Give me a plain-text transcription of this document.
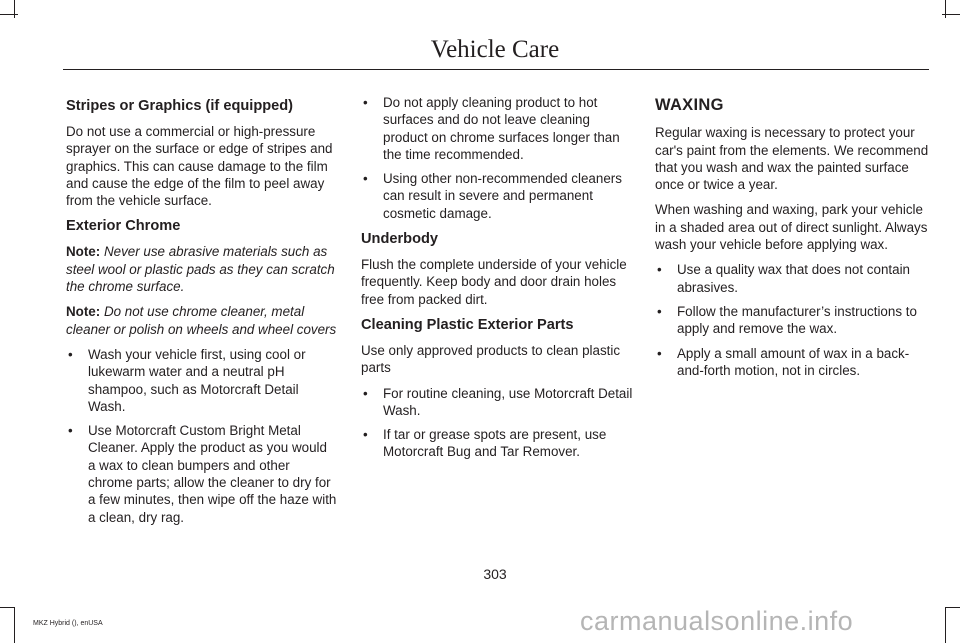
Vehicle Care
Stripes or Graphics (if equipped)

Do not use a commercial or high-pressure sprayer on the surface or edge of stripes and graphics. This can cause damage to the film and cause the edge of the film to peel away from the vehicle surface.

Exterior Chrome

Note: Never use abrasive materials such as steel wool or plastic pads as they can scratch the chrome surface.

Note: Do not use chrome cleaner, metal cleaner or polish on wheels and wheel covers

• Wash your vehicle first, using cool or lukewarm water and a neutral pH shampoo, such as Motorcraft Detail Wash.
• Use Motorcraft Custom Bright Metal Cleaner. Apply the product as you would a wax to clean bumpers and other chrome parts; allow the cleaner to dry for a few minutes, then wipe off the haze with a clean, dry rag.
• Do not apply cleaning product to hot surfaces and do not leave cleaning product on chrome surfaces longer than the time recommended.
• Using other non-recommended cleaners can result in severe and permanent cosmetic damage.
Underbody

Flush the complete underside of your vehicle frequently. Keep body and door drain holes free from packed dirt.

Cleaning Plastic Exterior Parts

Use only approved products to clean plastic parts

• For routine cleaning, use Motorcraft Detail Wash.
• If tar or grease spots are present, use Motorcraft Bug and Tar Remover.
WAXING

Regular waxing is necessary to protect your car's paint from the elements. We recommend that you wash and wax the painted surface once or twice a year.

When washing and waxing, park your vehicle in a shaded area out of direct sunlight. Always wash your vehicle before applying wax.

• Use a quality wax that does not contain abrasives.
• Follow the manufacturer’s instructions to apply and remove the wax.
• Apply a small amount of wax in a back-and-forth motion, not in circles.
303
MKZ Hybrid (), enUSA	carmanualsonline.info
